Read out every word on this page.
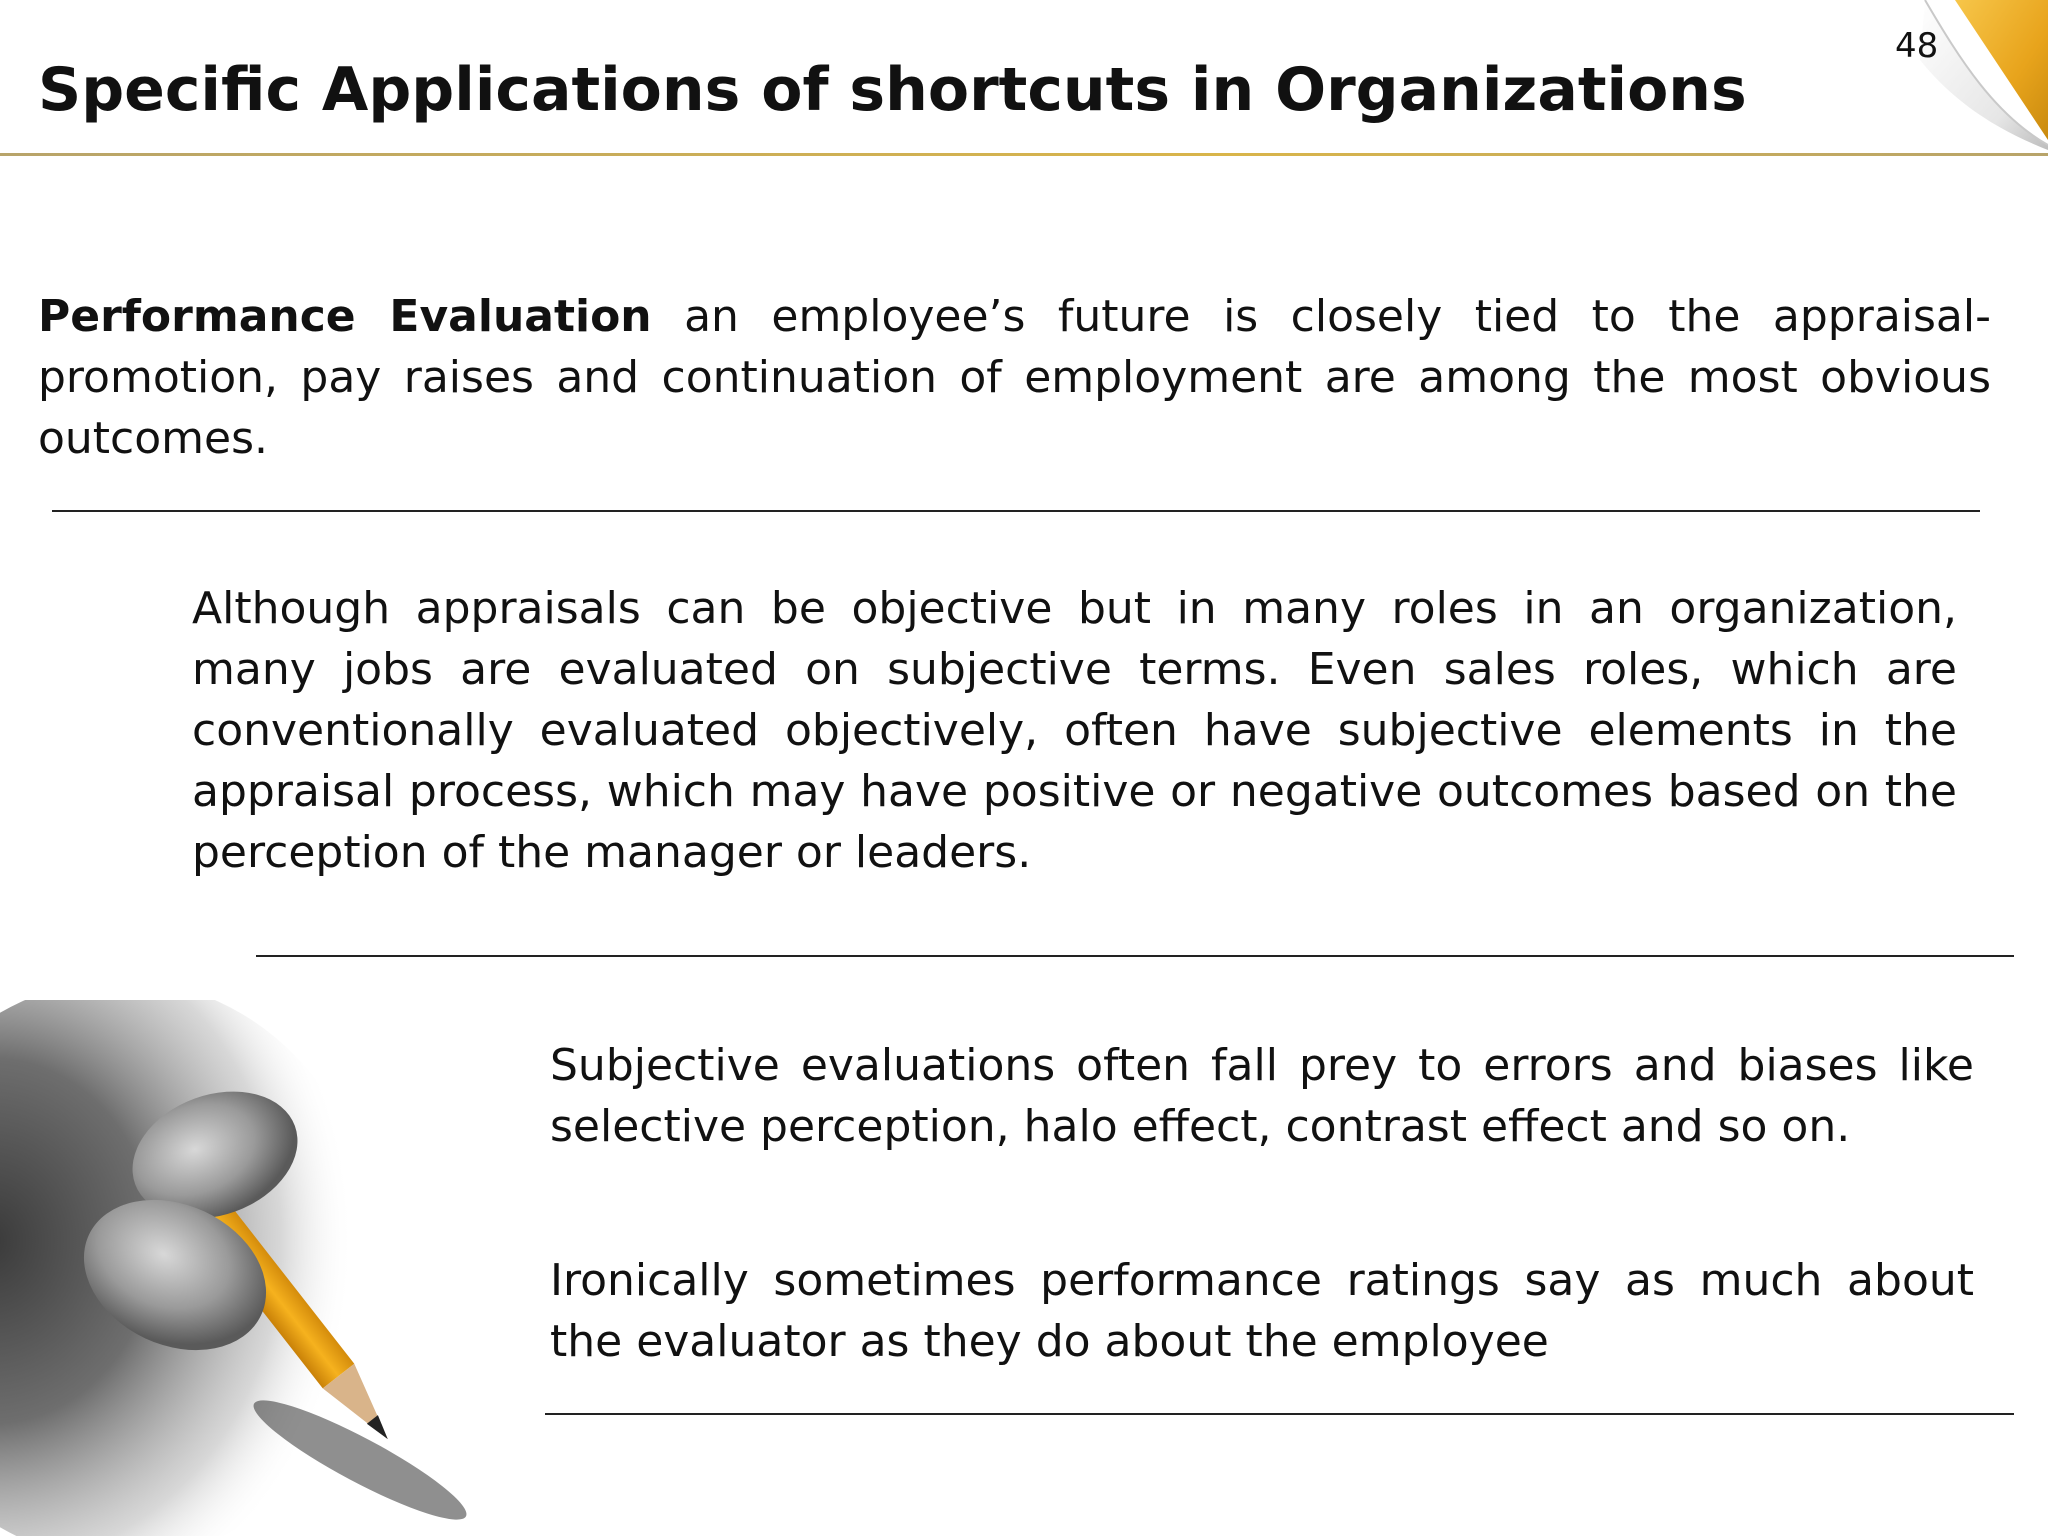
Specific Applications of shortcuts in Organizations
48

Performance Evaluation an employee’s future is closely tied to the appraisal- promotion, pay raises and continuation of employment are among the most obvious outcomes.

Although appraisals can be objective but in many roles in an organization, many jobs are evaluated on subjective terms. Even sales roles, which are conventionally evaluated objectively, often have subjective elements in the appraisal process, which may have positive or negative outcomes based on the perception of the manager or leaders.

Subjective evaluations often fall prey to errors and biases like selective perception, halo effect, contrast effect and so on.

Ironically sometimes performance ratings say as much about the evaluator as they do about the employee
